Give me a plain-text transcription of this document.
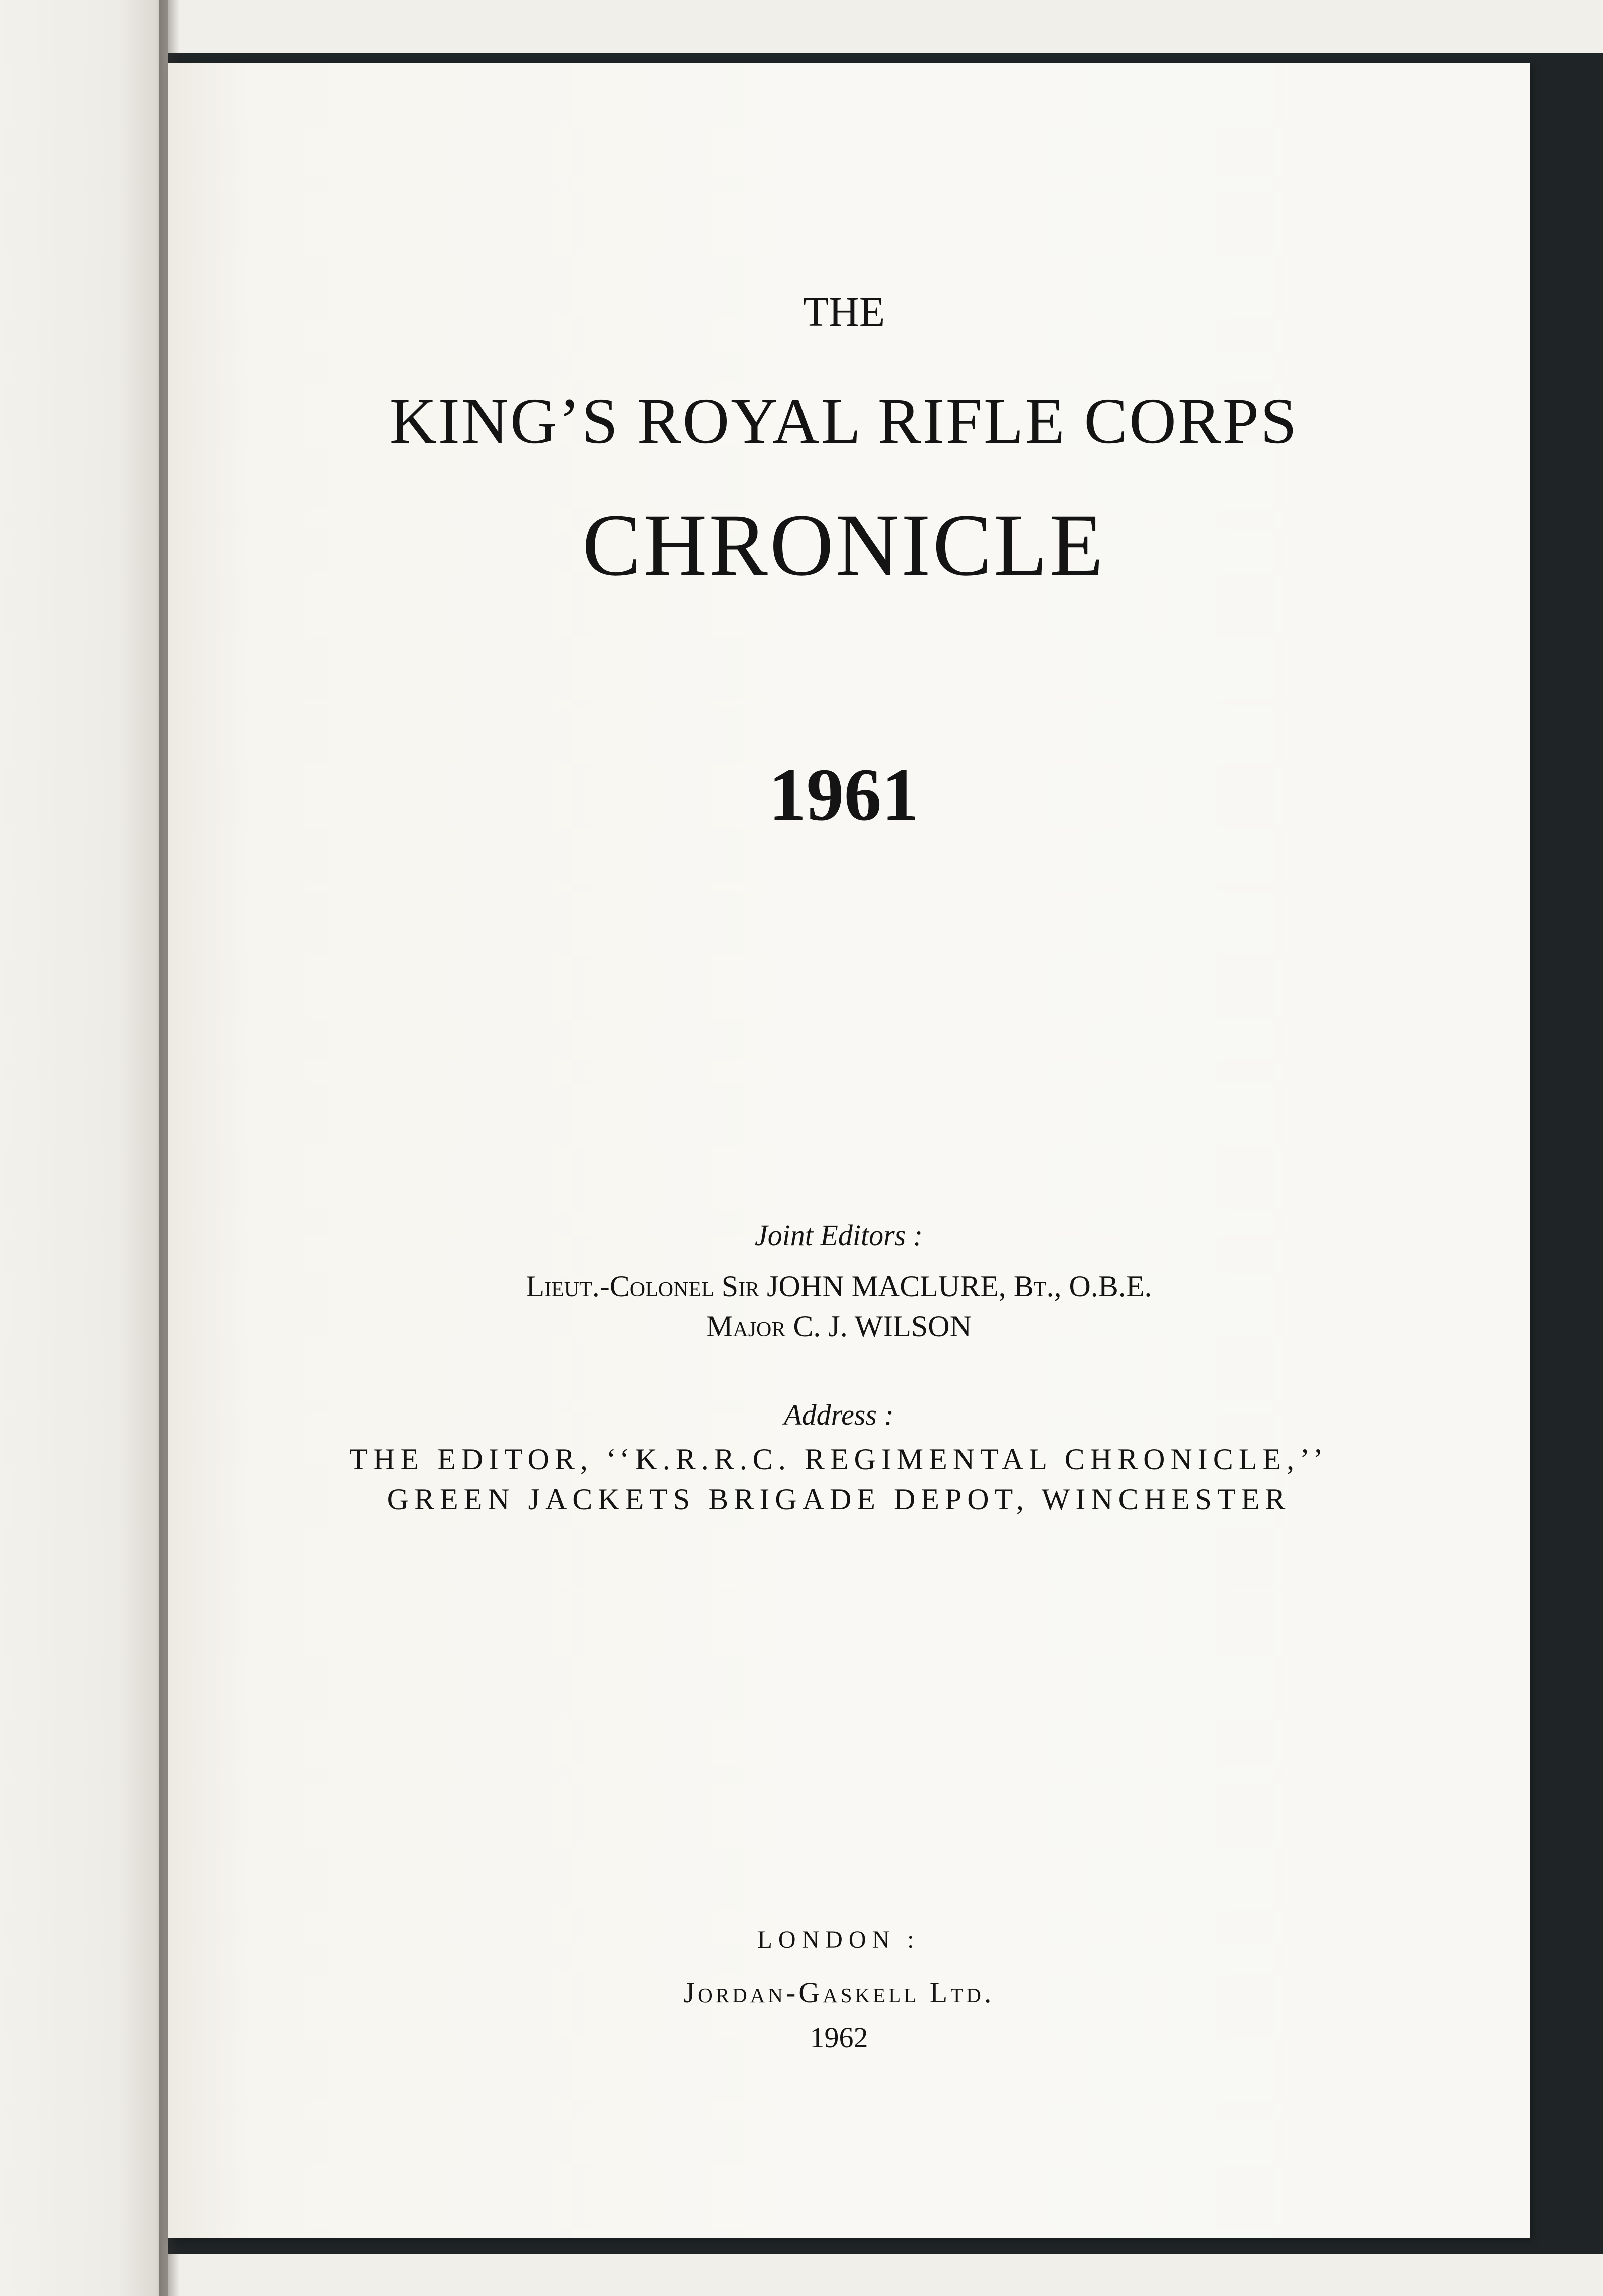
THE
KING’S ROYAL RIFLE CORPS
CHRONICLE
1961
Joint Editors :
Lieut.-Colonel Sir JOHN MACLURE, Bt., O.B.E.
Major C. J. WILSON
Address :
THE EDITOR, ‘‘K.R.R.C. REGIMENTAL CHRONICLE,’’
GREEN JACKETS BRIGADE DEPOT, WINCHESTER
LONDON :
Jordan-Gaskell Ltd.
1962
